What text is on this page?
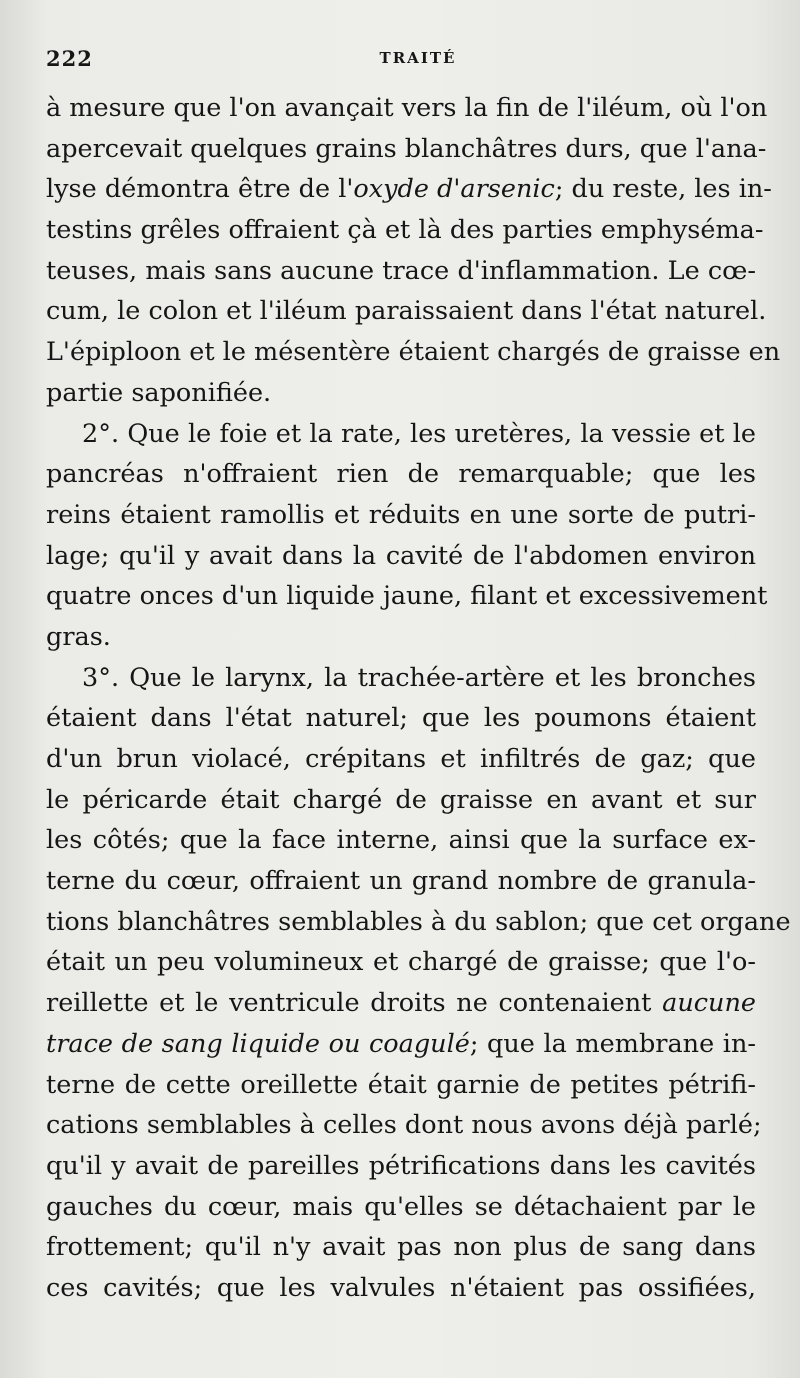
222	TRAITÉ
à mesure que l'on avançait vers la fin de l'iléum, où l'on
apercevait quelques grains blanchâtres durs, que l'ana-
lyse démontra être de l'oxyde d'arsenic; du reste, les in-
testins grêles offraient çà et là des parties emphyséma-
teuses, mais sans aucune trace d'inflammation. Le cœ-
cum, le colon et l'iléum paraissaient dans l'état naturel.
L'épiploon et le mésentère étaient chargés de graisse en
partie saponifiée.
2°. Que le foie et la rate, les uretères, la vessie et le
pancréas n'offraient rien de remarquable; que les
reins étaient ramollis et réduits en une sorte de putri-
lage; qu'il y avait dans la cavité de l'abdomen environ
quatre onces d'un liquide jaune, filant et excessivement
gras.
3°. Que le larynx, la trachée-artère et les bronches
étaient dans l'état naturel; que les poumons étaient
d'un brun violacé, crépitans et infiltrés de gaz; que
le péricarde était chargé de graisse en avant et sur
les côtés; que la face interne, ainsi que la surface ex-
terne du cœur, offraient un grand nombre de granula-
tions blanchâtres semblables à du sablon; que cet organe
était un peu volumineux et chargé de graisse; que l'o-
reillette et le ventricule droits ne contenaient aucune
trace de sang liquide ou coagulé; que la membrane in-
terne de cette oreillette était garnie de petites pétrifi-
cations semblables à celles dont nous avons déjà parlé;
qu'il y avait de pareilles pétrifications dans les cavités
gauches du cœur, mais qu'elles se détachaient par le
frottement; qu'il n'y avait pas non plus de sang dans
ces cavités; que les valvules n'étaient pas ossifiées,
